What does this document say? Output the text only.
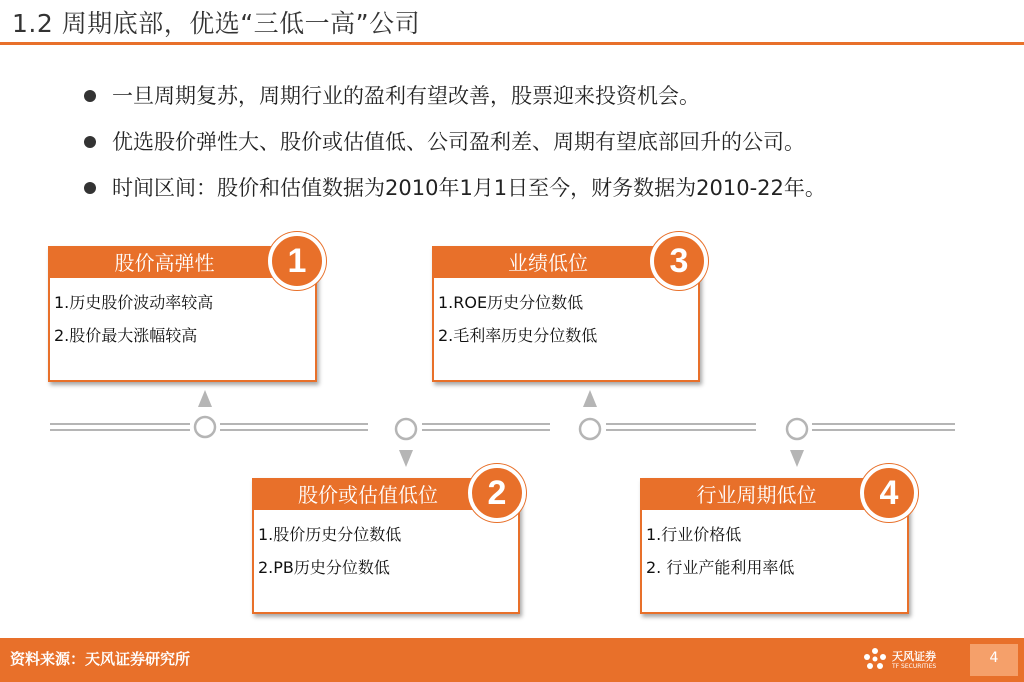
1.2 周期底部，优选“三低一高”公司
一旦周期复苏，周期行业的盈利有望改善，股票迎来投资机会。
优选股价弹性大、股价或估值低、公司盈利差、周期有望底部回升的公司。
时间区间：股价和估值数据为2010年1月1日至今，财务数据为2010-22年。
股价高弹性
1.历史股价波动率较高
2.股价最大涨幅较高
1	业绩低位
1.ROE历史分位数低
2.毛利率历史分位数低
3
股价或估值低位
1.股价历史分位数低
2.PB历史分位数低
2	行业周期低位
1.行业价格低
2. 行业产能利用率低
4
资料来源：天风证券研究所	天风证券
TF SECURITIES
4
